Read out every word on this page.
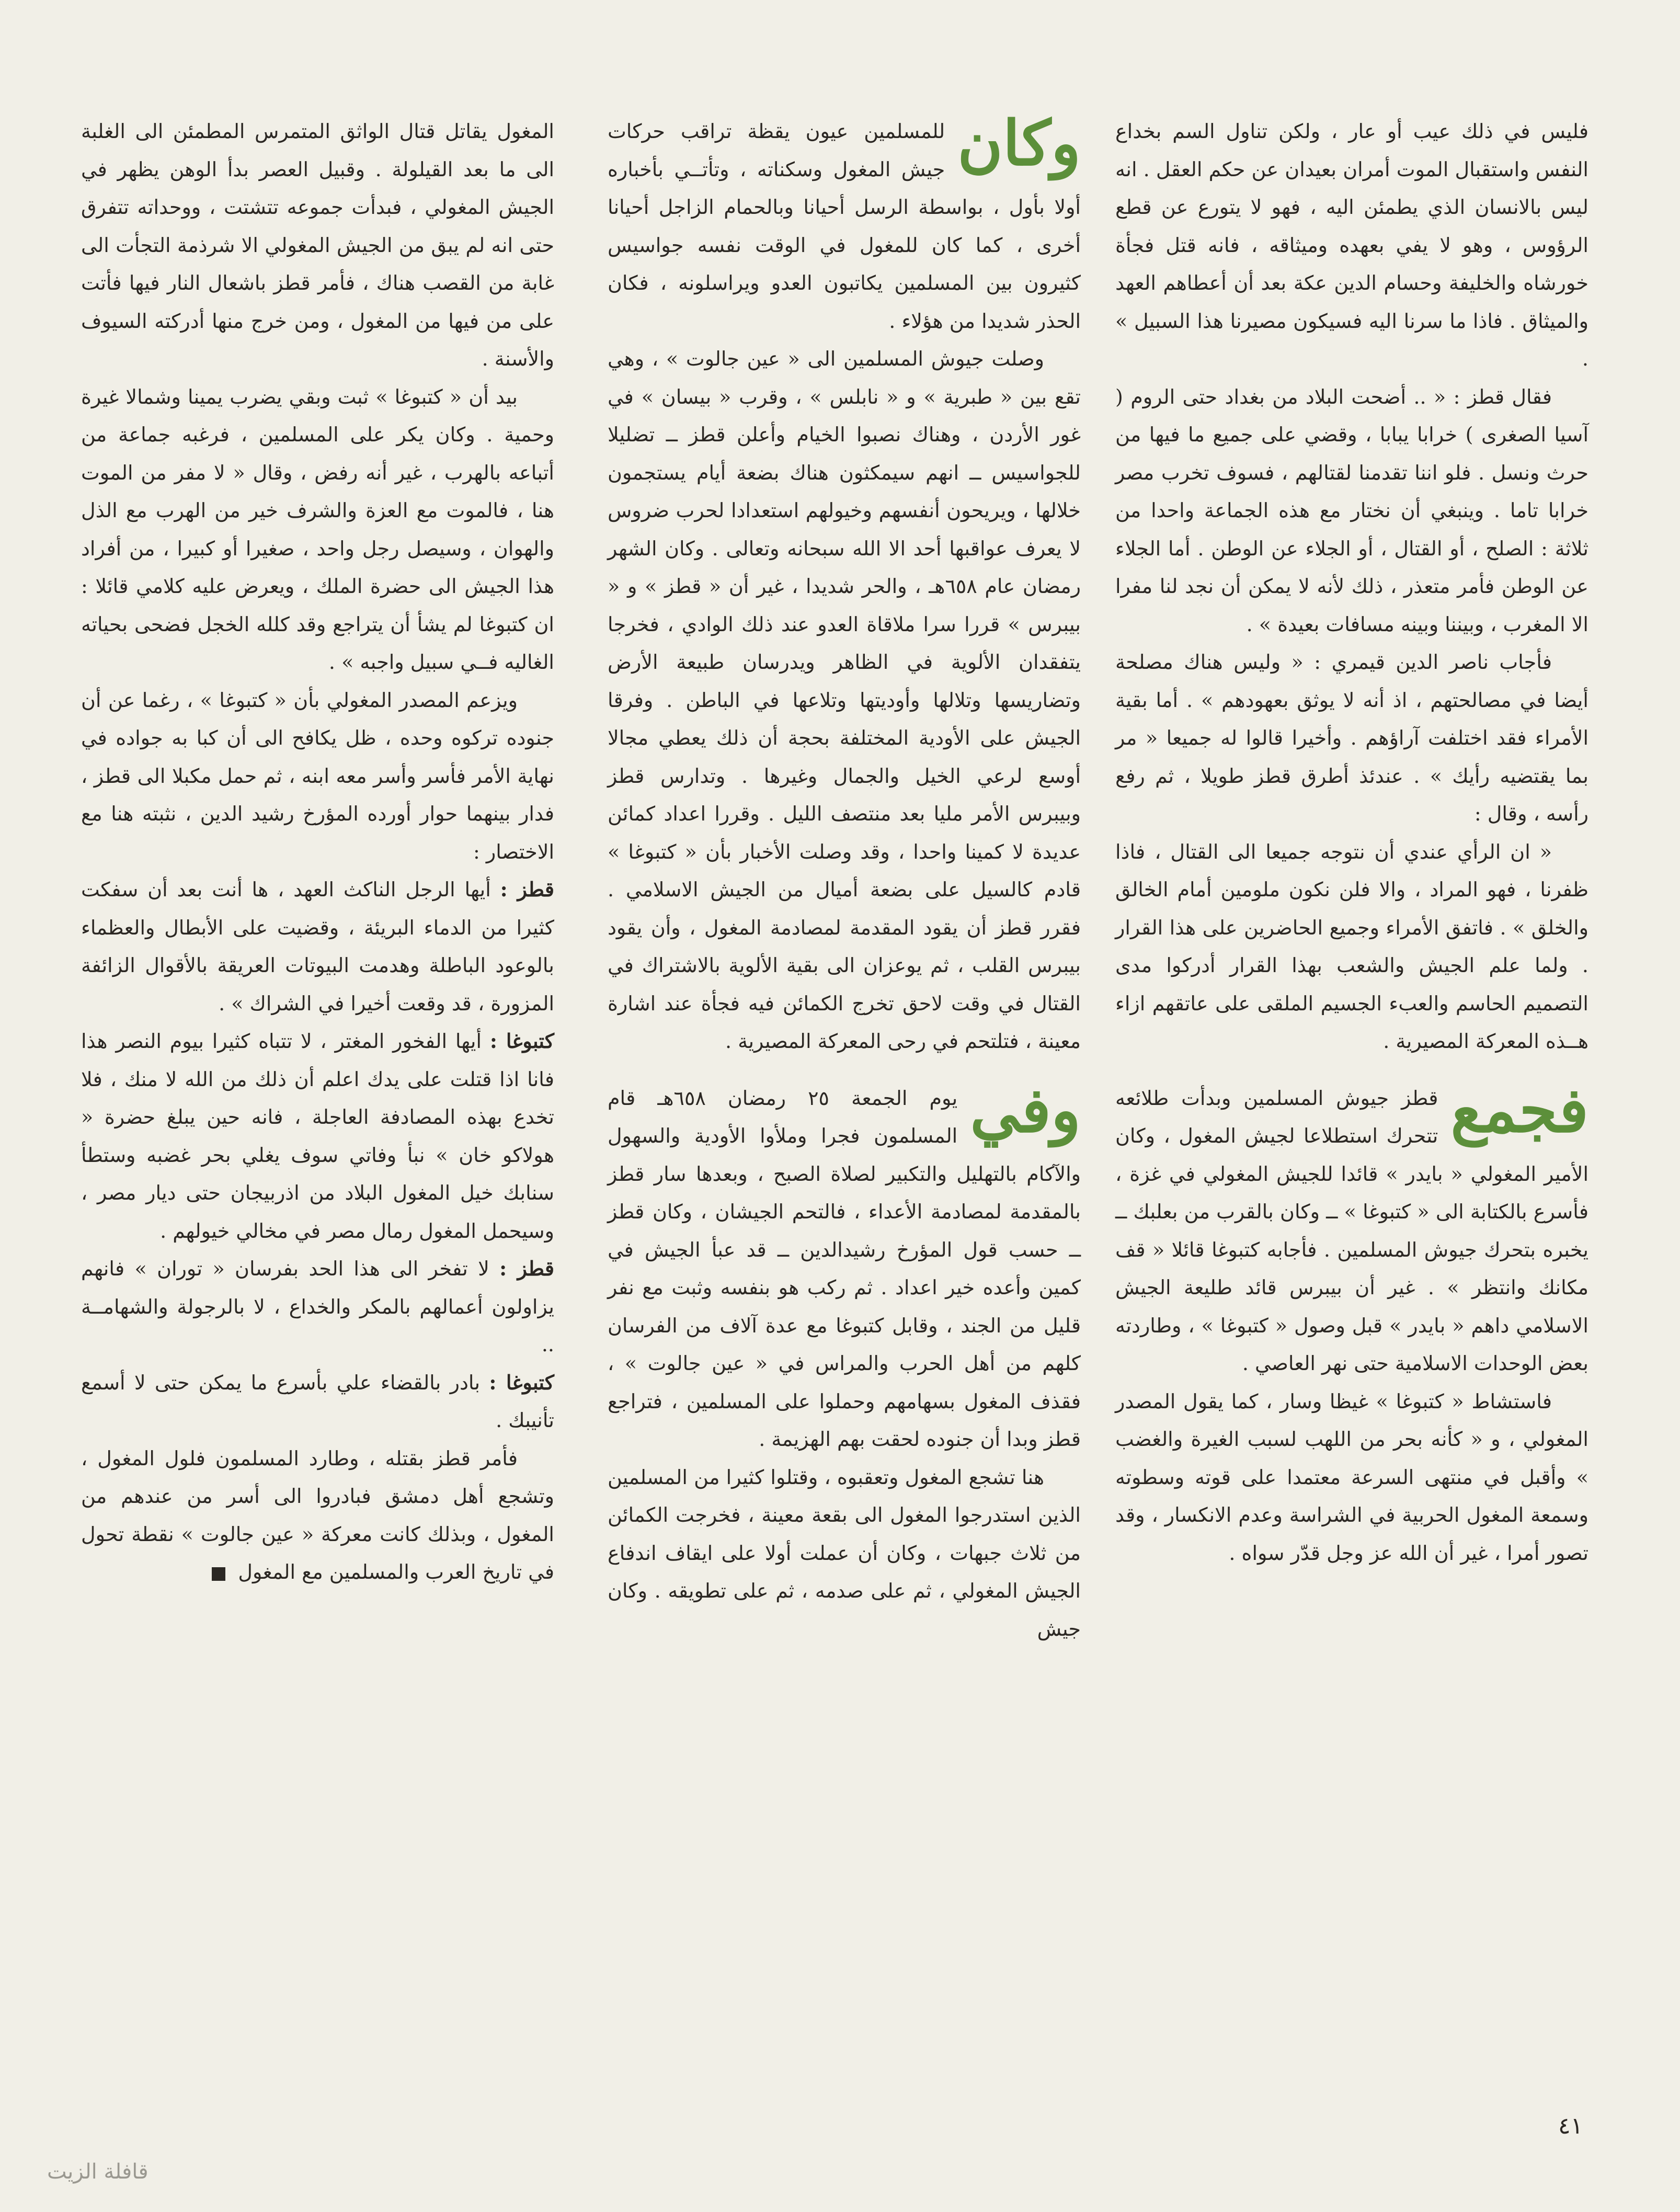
فليس في ذلك عيب أو عار ، ولكن تناول السم بخداع النفس واستقبال الموت أمران بعيدان عن حكم العقل . انه ليس بالانسان الذي يطمئن اليه ، فهو لا يتورع عن قطع الرؤوس ، وهو لا يفي بعهده وميثاقه ، فانه قتل فجأة خورشاه والخليفة وحسام الدين عكة بعد أن أعطاهم العهد والميثاق . فاذا ما سرنا اليه فسيكون مصيرنا هذا السبيل » .

فقال قطز : « .. أضحت البلاد من بغداد حتى الروم ( آسيا الصغرى ) خرابا يبابا ، وقضي على جميع ما فيها من حرث ونسل . فلو اننا تقدمنا لقتالهم ، فسوف تخرب مصر خرابا تاما . وينبغي أن نختار مع هذه الجماعة واحدا من ثلاثة : الصلح ، أو القتال ، أو الجلاء عن الوطن . أما الجلاء عن الوطن فأمر متعذر ، ذلك لأنه لا يمكن أن نجد لنا مفرا الا المغرب ، وبيننا وبينه مسافات بعيدة » .

فأجاب ناصر الدين قيمري : « وليس هناك مصلحة أيضا في مصالحتهم ، اذ أنه لا يوثق بعهودهم » . أما بقية الأمراء فقد اختلفت آراؤهم . وأخيرا قالوا له جميعا « مر بما يقتضيه رأيك » . عندئذ أطرق قطز طويلا ، ثم رفع رأسه ، وقال :

« ان الرأي عندي أن نتوجه جميعا الى القتال ، فاذا ظفرنا ، فهو المراد ، والا فلن نكون ملومين أمام الخالق والخلق » . فاتفق الأمراء وجميع الحاضرين على هذا القرار . ولما علم الجيش والشعب بهذا القرار أدركوا مدى التصميم الحاسم والعبء الجسيم الملقى على عاتقهم ازاء هــذه المعركة المصيرية .

فجمع
قطز جيوش المسلمين وبدأت طلائعه تتحرك استطلاعا لجيش المغول ، وكان الأمير المغولي « بايدر » قائدا للجيش المغولي في غزة ، فأسرع بالكتابة الى « كتبوغا » ــ وكان بالقرب من بعلبك ــ يخبره بتحرك جيوش المسلمين . فأجابه كتبوغا قائلا « قف مكانك وانتظر » . غير أن بيبرس قائد طليعة الجيش الاسلامي داهم « بايدر » قبل وصول « كتبوغا » ، وطاردته بعض الوحدات الاسلامية حتى نهر العاصي .

فاستشاط « كتبوغا » غيظا وسار ، كما يقول المصدر المغولي ، و « كأنه بحر من اللهب لسبب الغيرة والغضب » وأقبل في منتهى السرعة معتمدا على قوته وسطوته وسمعة المغول الحربية في الشراسة وعدم الانكسار ، وقد تصور أمرا ، غير أن الله عز وجل قدّر سواه .

وكان
للمسلمين عيون يقظة تراقب حركات جيش المغول وسكناته ، وتأتــي بأخباره أولا بأول ، بواسطة الرسل أحيانا وبالحمام الزاجل أحيانا أخرى ، كما كان للمغول في الوقت نفسه جواسيس كثيرون بين المسلمين يكاتبون العدو ويراسلونه ، فكان الحذر شديدا من هؤلاء .

وصلت جيوش المسلمين الى « عين جالوت » ، وهي تقع بين « طبرية » و « نابلس » ، وقرب « بيسان » في غور الأردن ، وهناك نصبوا الخيام وأعلن قطز ــ تضليلا للجواسيس ــ انهم سيمكثون هناك بضعة أيام يستجمون خلالها ، ويريحون أنفسهم وخيولهم استعدادا لحرب ضروس لا يعرف عواقبها أحد الا الله سبحانه وتعالى . وكان الشهر رمضان عام ٦٥٨هـ ، والحر شديدا ، غير أن « قطز » و « بيبرس » قررا سرا ملاقاة العدو عند ذلك الوادي ، فخرجا يتفقدان الألوية في الظاهر ويدرسان طبيعة الأرض وتضاريسها وتلالها وأوديتها وتلاعها في الباطن . وفرقا الجيش على الأودية المختلفة بحجة أن ذلك يعطي مجالا أوسع لرعي الخيل والجمال وغيرها . وتدارس قطز وبيبرس الأمر مليا بعد منتصف الليل . وقررا اعداد كمائن عديدة لا كمينا واحدا ، وقد وصلت الأخبار بأن « كتبوغا » قادم كالسيل على بضعة أميال من الجيش الاسلامي . فقرر قطز أن يقود المقدمة لمصادمة المغول ، وأن يقود بيبرس القلب ، ثم يوعزان الى بقية الألوية بالاشتراك في القتال في وقت لاحق تخرج الكمائن فيه فجأة عند اشارة معينة ، فتلتحم في رحى المعركة المصيرية .

وفي
يوم الجمعة ٢٥ رمضان ٦٥٨هـ قام المسلمون فجرا وملأوا الأودية والسهول والآكام بالتهليل والتكبير لصلاة الصبح ، وبعدها سار قطز بالمقدمة لمصادمة الأعداء ، فالتحم الجيشان ، وكان قطز ــ حسب قول المؤرخ رشيدالدين ــ قد عبأ الجيش في كمين وأعده خير اعداد . ثم ركب هو بنفسه وثبت مع نفر قليل من الجند ، وقابل كتبوغا مع عدة آلاف من الفرسان كلهم من أهل الحرب والمراس في « عين جالوت » ، فقذف المغول بسهامهم وحملوا على المسلمين ، فتراجع قطز وبدا أن جنوده لحقت بهم الهزيمة .

هنا تشجع المغول وتعقبوه ، وقتلوا كثيرا من المسلمين الذين استدرجوا المغول الى بقعة معينة ، فخرجت الكمائن من ثلاث جبهات ، وكان أن عملت أولا على ايقاف اندفاع الجيش المغولي ، ثم على صدمه ، ثم على تطويقه . وكان جيش

المغول يقاتل قتال الواثق المتمرس المطمئن الى الغلبة الى ما بعد القيلولة . وقبيل العصر بدأ الوهن يظهر في الجيش المغولي ، فبدأت جموعه تتشتت ، ووحداته تتفرق حتى انه لم يبق من الجيش المغولي الا شرذمة التجأت الى غابة من القصب هناك ، فأمر قطز باشعال النار فيها فأتت على من فيها من المغول ، ومن خرج منها أدركته السيوف والأسنة .

بيد أن « كتبوغا » ثبت وبقي يضرب يمينا وشمالا غيرة وحمية . وكان يكر على المسلمين ، فرغبه جماعة من أتباعه بالهرب ، غير أنه رفض ، وقال « لا مفر من الموت هنا ، فالموت مع العزة والشرف خير من الهرب مع الذل والهوان ، وسيصل رجل واحد ، صغيرا أو كبيرا ، من أفراد هذا الجيش الى حضرة الملك ، ويعرض عليه كلامي قائلا : ان كتبوغا لم يشأ أن يتراجع وقد كلله الخجل فضحى بحياته الغاليه فــي سبيل واجبه » .

ويزعم المصدر المغولي بأن « كتبوغا » ، رغما عن أن جنوده تركوه وحده ، ظل يكافح الى أن كبا به جواده في نهاية الأمر فأسر وأسر معه ابنه ، ثم حمل مكبلا الى قطز ، فدار بينهما حوار أورده المؤرخ رشيد الدين ، نثبته هنا مع الاختصار :

قطز : أيها الرجل الناكث العهد ، ها أنت بعد أن سفكت كثيرا من الدماء البريئة ، وقضيت على الأبطال والعظماء بالوعود الباطلة وهدمت البيوتات العريقة بالأقوال الزائفة المزورة ، قد وقعت أخيرا في الشراك » .

كتبوغا : أيها الفخور المغتر ، لا تتباه كثيرا بيوم النصر هذا فانا اذا قتلت على يدك اعلم أن ذلك من الله لا منك ، فلا تخدع بهذه المصادفة العاجلة ، فانه حين يبلغ حضرة « هولاكو خان » نبأ وفاتي سوف يغلي بحر غضبه وستطأ سنابك خيل المغول البلاد من اذربيجان حتى ديار مصر ، وسيحمل المغول رمال مصر في مخالي خيولهم .

قطز : لا تفخر الى هذا الحد بفرسان « توران » فانهم يزاولون أعمالهم بالمكر والخداع ، لا بالرجولة والشهامــة ..

كتبوغا : بادر بالقضاء علي بأسرع ما يمكن حتى لا أسمع تأنيبك .

فأمر قطز بقتله ، وطارد المسلمون فلول المغول ، وتشجع أهل دمشق فبادروا الى أسر من عندهم من المغول ، وبذلك كانت معركة « عين جالوت » نقطة تحول في تاريخ العرب والمسلمين مع المغول

٤١
قافلة الزيت
